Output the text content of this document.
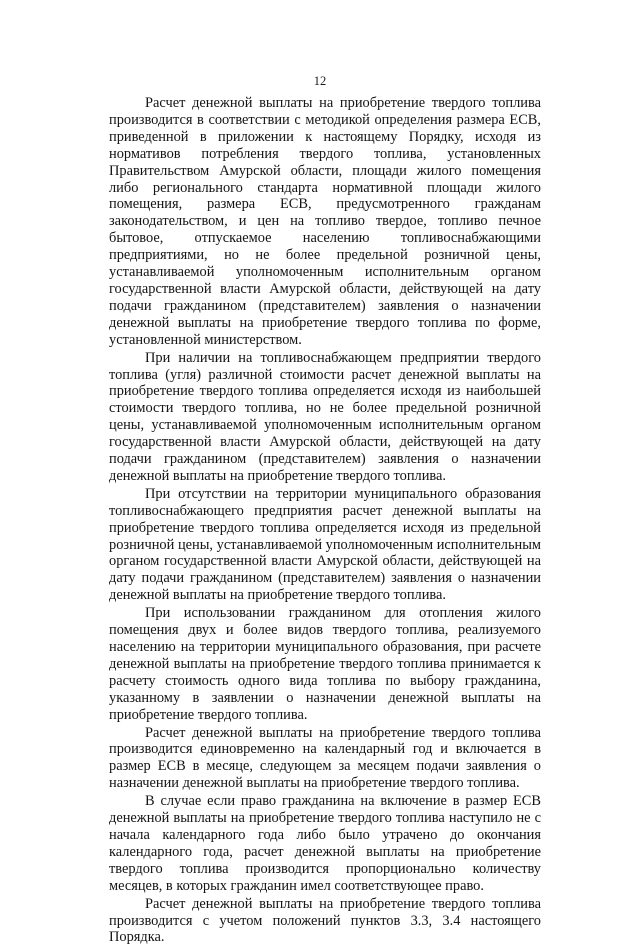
12

Расчет денежной выплаты на приобретение твердого топлива производится в соответствии с методикой определения размера ЕСВ, приведенной в приложении к настоящему Порядку, исходя из нормативов потребления твердого топлива, установленных Правительством Амурской области, площади жилого помещения либо регионального стандарта нормативной площади жилого помещения, размера ЕСВ, предусмотренного гражданам законодательством, и цен на топливо твердое, топливо печное бытовое, отпускаемое населению топливоснабжающими предприятиями, но не более предельной розничной цены, устанавливаемой уполномоченным исполнительным органом государственной власти Амурской области, действующей на дату подачи гражданином (представителем) заявления о назначении денежной выплаты на приобретение твердого топлива по форме, установленной министерством.

При наличии на топливоснабжающем предприятии твердого топлива (угля) различной стоимости расчет денежной выплаты на приобретение твердого топлива определяется исходя из наибольшей стоимости твердого топлива, но не более предельной розничной цены, устанавливаемой уполномоченным исполнительным органом государственной власти Амурской области, действующей на дату подачи гражданином (представителем) заявления о назначении денежной выплаты на приобретение твердого топлива.

При отсутствии на территории муниципального образования топливоснабжающего предприятия расчет денежной выплаты на приобретение твердого топлива определяется исходя из предельной розничной цены, устанавливаемой уполномоченным исполнительным органом государственной власти Амурской области, действующей на дату подачи гражданином (представителем) заявления о назначении денежной выплаты на приобретение твердого топлива.

При использовании гражданином для отопления жилого помещения двух и более видов твердого топлива, реализуемого населению на территории муниципального образования, при расчете денежной выплаты на приобретение твердого топлива принимается к расчету стоимость одного вида топлива по выбору гражданина, указанному в заявлении о назначении денежной выплаты на приобретение твердого топлива.

Расчет денежной выплаты на приобретение твердого топлива производится единовременно на календарный год и включается в размер ЕСВ в месяце, следующем за месяцем подачи заявления о назначении денежной выплаты на приобретение твердого топлива.

В случае если право гражданина на включение в размер ЕСВ денежной выплаты на приобретение твердого топлива наступило не с начала календарного года либо было утрачено до окончания календарного года, расчет денежной выплаты на приобретение твердого топлива производится пропорционально количеству месяцев, в которых гражданин имел соответствующее право.

Расчет денежной выплаты на приобретение твердого топлива производится с учетом положений пунктов 3.3, 3.4 настоящего Порядка.
